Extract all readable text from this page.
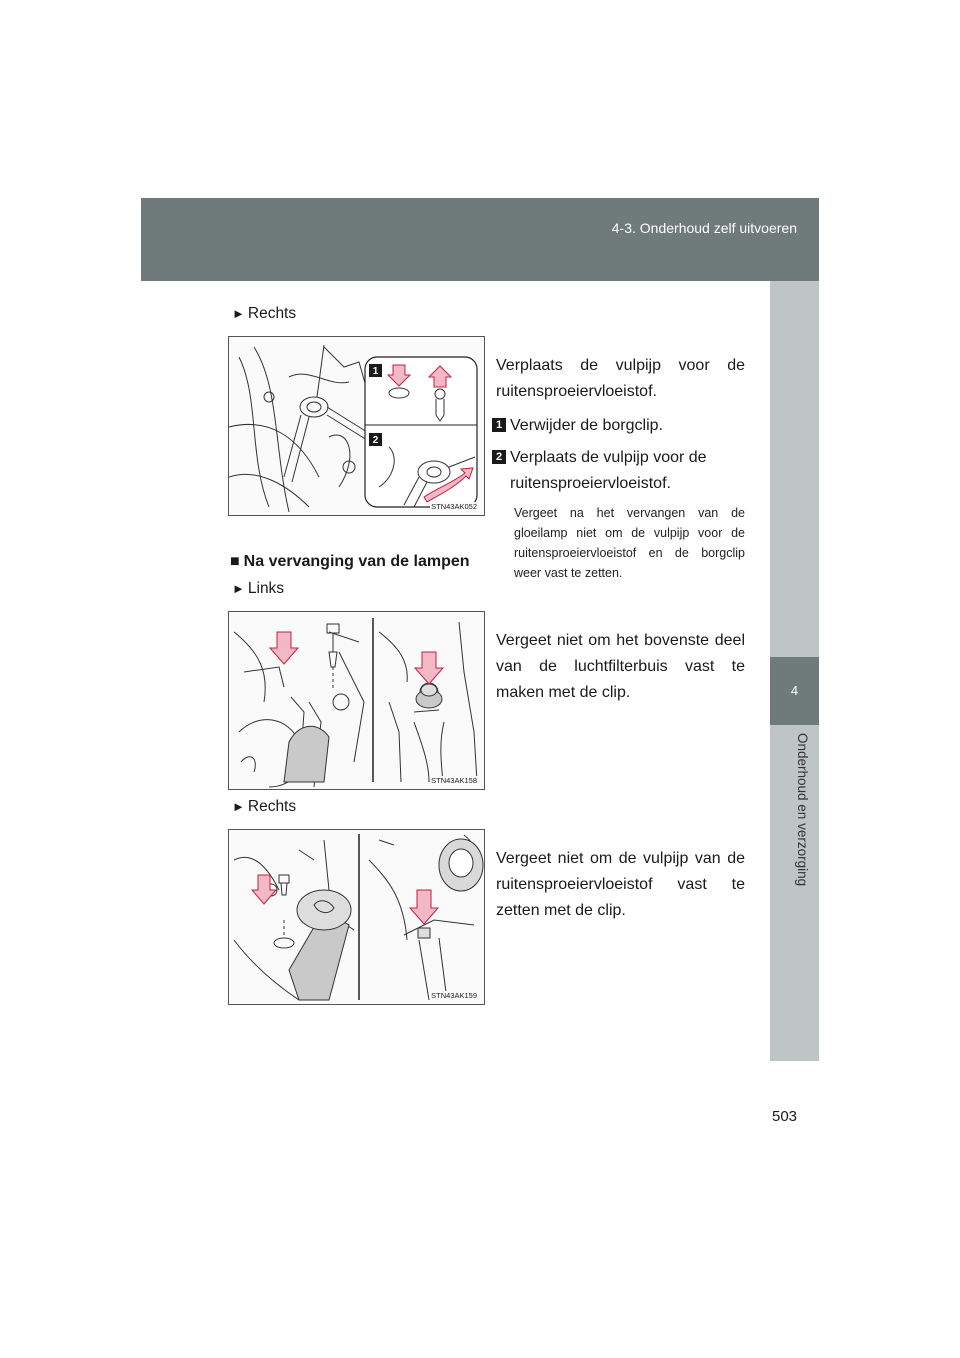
4-3. Onderhoud zelf uitvoeren
4
Onderhoud en verzorging
► Rechts
1
2
STN43AK052
Verplaats de vulpijp voor de ruitensproeiervloeistof.
1 Verwijder de borgclip.
2 Verplaats de vulpijp voor de
ruitensproeiervloeistof.
Vergeet na het vervangen van de gloeilamp niet om de vulpijp voor de ruitensproeiervloeistof en de borgclip weer vast te zetten.
■ Na vervanging van de lampen
► Links
STN43AK158
Vergeet niet om het bovenste deel van de luchtfilterbuis vast te maken met de clip.
► Rechts
STN43AK159
Vergeet niet om de vulpijp van de ruitensproeiervloeistof vast te zetten met de clip.
503
